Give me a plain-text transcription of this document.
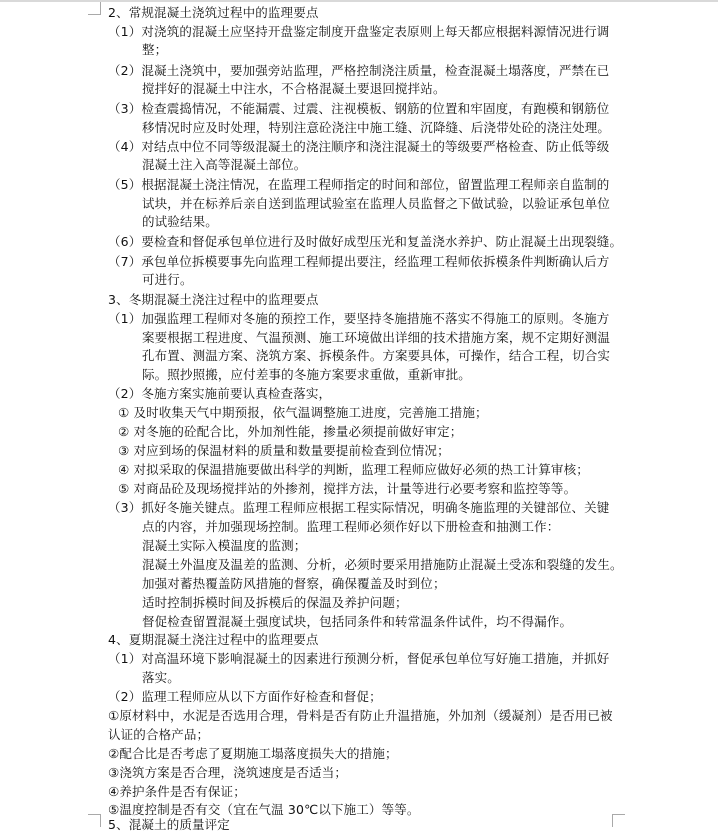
2、常规混凝土浇筑过程中的监理要点
（1）对浇筑的混凝土应坚持开盘鉴定制度开盘鉴定表原则上每天都应根据料源情况进行调
整；
（2）混凝土浇筑中，要加强旁站监理，严格控制浇注质量，检查混凝土塌落度，严禁在已
搅拌好的混凝土中注水，不合格混凝土要退回搅拌站。
（3）检查震捣情况，不能漏震、过震、注视模板、钢筋的位置和牢固度，有跑模和钢筋位
移情况时应及时处理，特别注意砼浇注中施工缝、沉降缝、后浇带处砼的浇注处理。
（4）对结点中位不同等级混凝土的浇注顺序和浇注混凝土的等级要严格检查、防止低等级
混凝土注入高等混凝土部位。
（5）根据混凝土浇注情况，在监理工程师指定的时间和部位，留置监理工程师亲自监制的
试块，并在标养后亲自送到监理试验室在监理人员监督之下做试验，以验证承包单位
的试验结果。
（6）要检查和督促承包单位进行及时做好成型压光和复盖浇水养护、防止混凝土出现裂缝。
（7）承包单位拆模要事先向监理工程师提出要注，经监理工程师依拆模条件判断确认后方
可进行。
3、冬期混凝土浇注过程中的监理要点
（1）加强监理工程师对冬施的预控工作，要坚持冬施措施不落实不得施工的原则。冬施方
案要根据工程进度、气温预测、施工环境做出详细的技术措施方案，规不定期好测温
孔布置、测温方案、浇筑方案、拆模条件。方案要具体，可操作，结合工程，切合实
际。照抄照搬，应付差事的冬施方案要求重做，重新审批。
（2）冬施方案实施前要认真检查落实，
① 及时收集天气中期预报，依气温调整施工进度，完善施工措施；
② 对冬施的砼配合比，外加剂性能，掺量必须提前做好审定；
③ 对应到场的保温材料的质量和数量要提前检查到位情况；
④ 对拟采取的保温措施要做出科学的判断，监理工程师应做好必须的热工计算审核；
⑤ 对商品砼及现场搅拌站的外掺剂，搅拌方法，计量等进行必要考察和监控等等。
（3）抓好冬施关键点。监理工程师应根据工程实际情况，明确冬施监理的关键部位、关键
点的内容，并加强现场控制。监理工程师必须作好以下册检查和抽测工作：
混凝土实际入模温度的监测；
混凝土外温度及温差的监测、分析，必须时要采用措施防止混凝土受冻和裂缝的发生。
加强对蓄热覆盖防风措施的督察，确保覆盖及时到位；
适时控制拆模时间及拆模后的保温及养护问题；
督促检查留置混凝土强度试块，包括同条件和转常温条件试件，均不得漏作。
4、夏期混凝土浇注过程中的监理要点
（1）对高温环境下影响混凝土的因素进行预测分析，督促承包单位写好施工措施，并抓好
落实。
（2）监理工程师应从以下方面作好检查和督促；
①原材料中，水泥是否选用合理，骨料是否有防止升温措施，外加剂（缓凝剂）是否用已被
认证的合格产品；
②配合比是否考虑了夏期施工塌落度损失大的措施；
③浇筑方案是否合理，浇筑速度是否适当；
④养护条件是否有保证；
⑤温度控制是否有交（宜在气温 30℃以下施工）等等。
5、混凝土的质量评定
